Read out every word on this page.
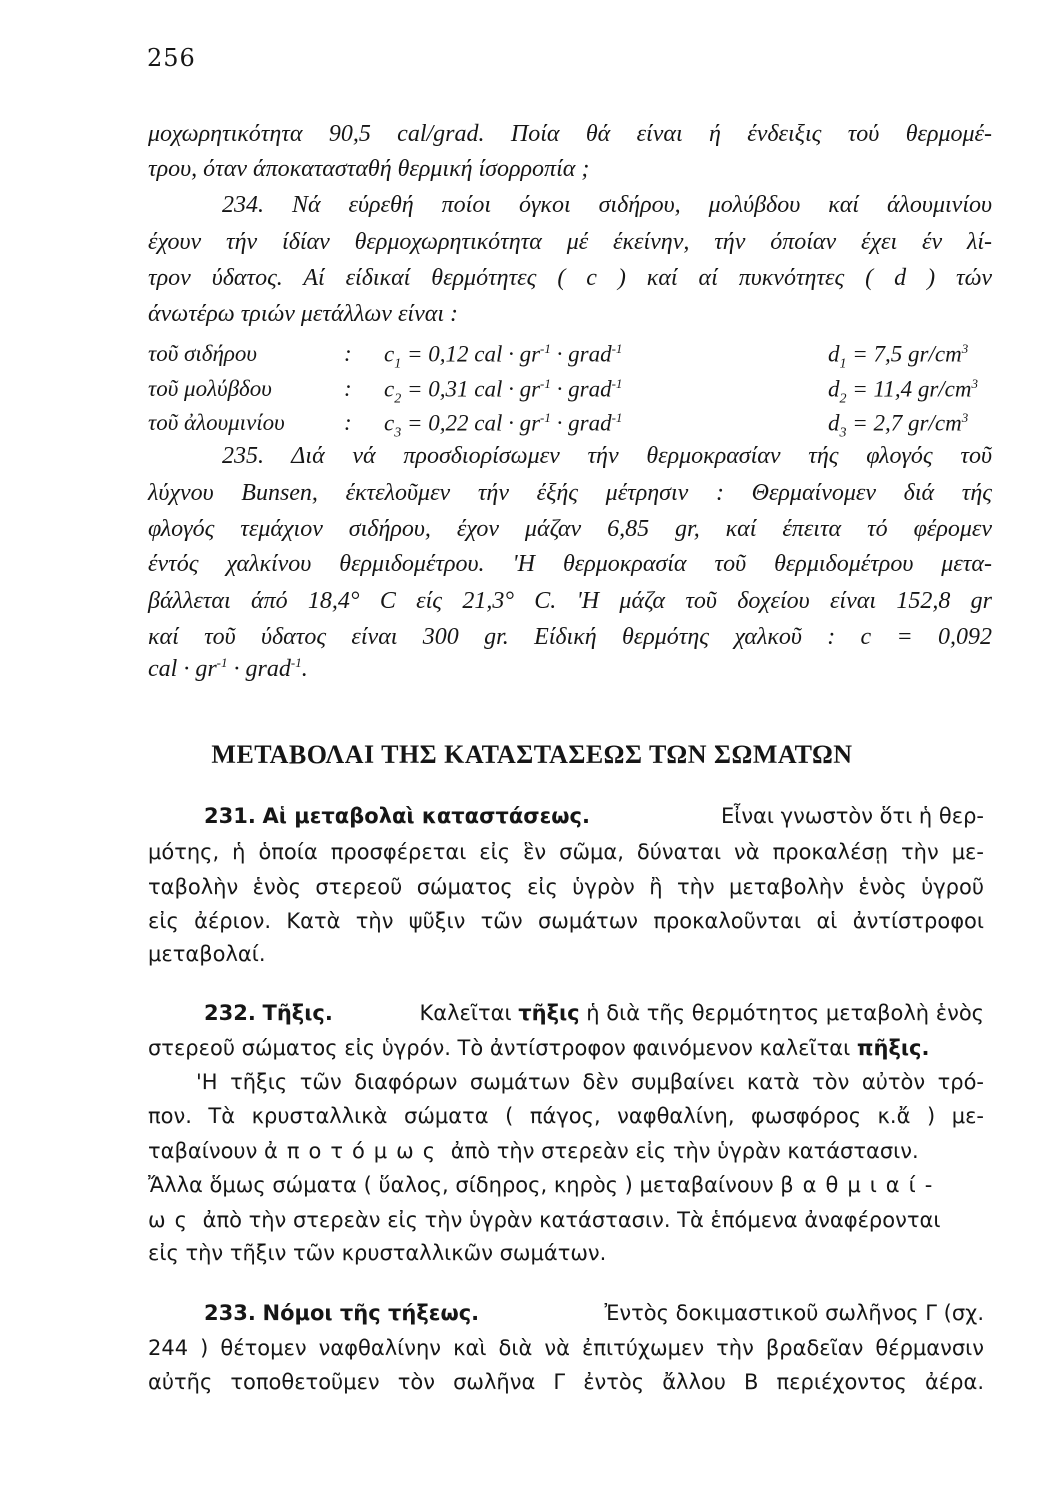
256
μοχωρητικότητα 90,5 cal/grad. Ποία θά είναι ή ένδειξις τού θερμομέ-
τρου, όταν άποκατασταθή θερμική ίσορροπία ;
234. Νά εύρεθή ποίοι όγκοι σιδήρου, μολύβδου καί άλουμινίου
έχουν τήν ίδίαν θερμοχωρητικότητα μέ έκείνην, τήν όποίαν έχει έν λί-
τρον ύδατος. Αί είδικαί θερμότητες ( c ) καί αί πυκνότητες ( d ) τών
άνωτέρω τριών μετάλλων είναι :
τοῦ σιδήρου	: $c_1 = 0,12$ cal · $gr^{-1}$ · grad$^{-1}$	$d_1 = 7,5$ $gr/cm^3$
τοῦ μολύβδου	: $c_2 = 0,31$ cal · $gr^{-1}$ · grad$^{-1}$	$d_2 = 11,4$ $gr/cm^3$
τοῦ ἀλουμινίου	: $c_3 = 0,22$ cal · $gr^{-1}$ · grad$^{-1}$	$d_3 = 2,7$ $gr/cm^3$
235. Διά νά προσδιορίσωμεν τήν θερμοκρασίαν τής φλογός τοῦ
λύχνου Bunsen, έκτελοῦμεν τήν έξής μέτρησιν : Θερμαίνομεν διά τής
φλογός τεμάχιον σιδήρου, έχον μάζαν 6,85 gr, καί έπειτα τό φέρομεν
έντός χαλκίνου θερμιδομέτρου. 'Η θερμοκρασία τοῦ θερμιδομέτρου μετα-
βάλλεται άπό 18,4° C είς 21,3° C. 'Η μάζα τοῦ δοχείου είναι 152,8 gr
καί τοῦ ύδατος είναι 300 gr. Είδική θερμότης χαλκοῦ : c = 0,092
cal · $gr^{-1}$ · grad$^{-1}$.
ΜΕΤΑΒΟΛΑΙ ΤΗΣ ΚΑΤΑΣΤΑΣΕΩΣ ΤΩΝ ΣΩΜΑΤΩΝ
231. Αἱ μεταβολαὶ καταστάσεως.	Εἶναι γνωστὸν ὅτι ἡ θερ-
μότης, ἡ ὁποία προσφέρεται εἰς ἓν σῶμα, δύναται νὰ προκαλέσῃ τὴν με-
ταβολὴν ἑνὸς στερεοῦ σώματος εἰς ὑγρὸν ἢ τὴν μεταβολὴν ἑνὸς ὑγροῦ
εἰς ἀέριον. Κατὰ τὴν ψῦξιν τῶν σωμάτων προκαλοῦνται αἱ ἀντίστροφοι
μεταβολαί.
232. Τῆξις.	Καλεῖται τῆξις ἡ διὰ τῆς θερμότητος μεταβολὴ ἑνὸς
στερεοῦ σώματος εἰς ὑγρόν. Τὸ ἀντίστροφον φαινόμενον καλεῖται πῆξις.
'Η τῆξις τῶν διαφόρων σωμάτων δὲν συμβαίνει κατὰ τὸν αὐτὸν τρό-
πον. Τὰ κρυσταλλικὰ σώματα ( πάγος, ναφθαλίνη, φωσφόρος κ.ἄ ) με-
ταβαίνουν ἀποτόμως ἀπὸ τὴν στερεὰν εἰς τὴν ὑγρὰν κατάστασιν.
Ἄλλα ὅμως σώματα ( ὕαλος, σίδηρος, κηρὸς ) μεταβαίνουν βαθμιαί-
ως ἀπὸ τὴν στερεὰν εἰς τὴν ὑγρὰν κατάστασιν. Τὰ ἑπόμενα ἀναφέρονται
εἰς τὴν τῆξιν τῶν κρυσταλλικῶν σωμάτων.
233. Νόμοι τῆς τήξεως.	Ἐντὸς δοκιμαστικοῦ σωλῆνος Γ (σχ.
244 ) θέτομεν ναφθαλίνην καὶ διὰ νὰ ἐπιτύχωμεν τὴν βραδεῖαν θέρμανσιν
αὐτῆς τοποθετοῦμεν τὸν σωλῆνα Γ ἐντὸς ἄλλου Β περιέχοντος ἀέρα.
